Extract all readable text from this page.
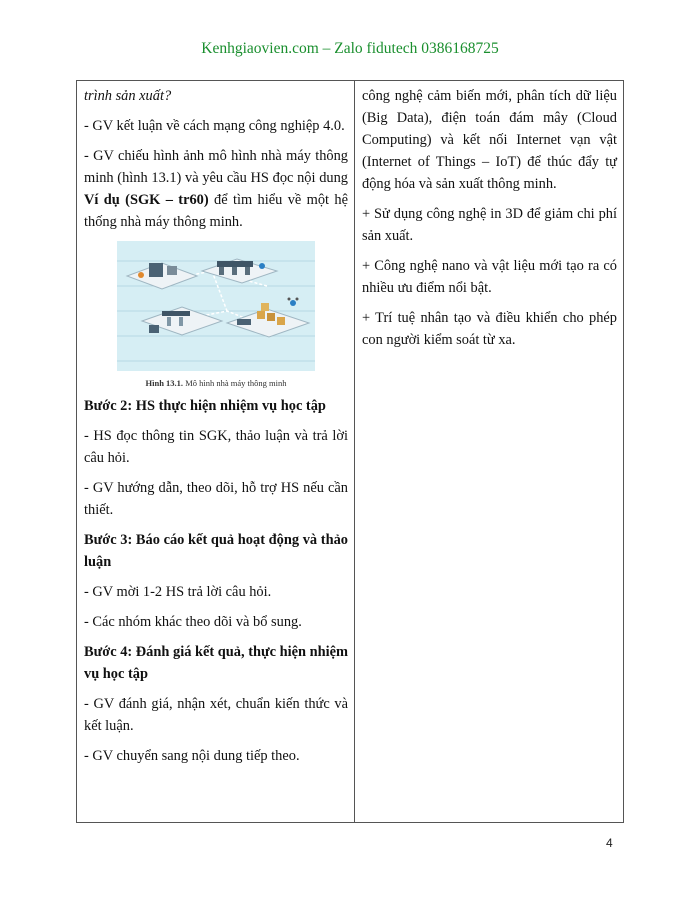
Kenhgiaovien.com – Zalo fidutech 0386168725

trình sản xuất?

- GV kết luận về cách mạng công nghiệp 4.0.

- GV chiếu hình ảnh mô hình nhà máy thông minh (hình 13.1) và yêu cầu HS đọc nội dung Ví dụ (SGK – tr60) để tìm hiểu về một hệ thống nhà máy thông minh.

Hình 13.1. Mô hình nhà máy thông minh

Bước 2: HS thực hiện nhiệm vụ học tập

- HS đọc thông tin SGK, thảo luận và trả lời câu hỏi.

- GV hướng dẫn, theo dõi, hỗ trợ HS nếu cần thiết.

Bước 3: Báo cáo kết quả hoạt động và thảo luận

- GV mời 1-2 HS trả lời câu hỏi.

- Các nhóm khác theo dõi và bổ sung.

Bước 4: Đánh giá kết quả, thực hiện nhiệm vụ học tập

- GV đánh giá, nhận xét, chuẩn kiến thức và kết luận.

- GV chuyển sang nội dung tiếp theo.

công nghệ cảm biến mới, phân tích dữ liệu (Big Data), điện toán đám mây (Cloud Computing) và kết nối Internet vạn vật (Internet of Things – IoT) để thúc đẩy tự động hóa và sản xuất thông minh.

+ Sử dụng công nghệ in 3D để giảm chi phí sản xuất.

+ Công nghệ nano và vật liệu mới tạo ra có nhiều ưu điểm nổi bật.

+ Trí tuệ nhân tạo và điều khiển cho phép con người kiểm soát từ xa.

4
